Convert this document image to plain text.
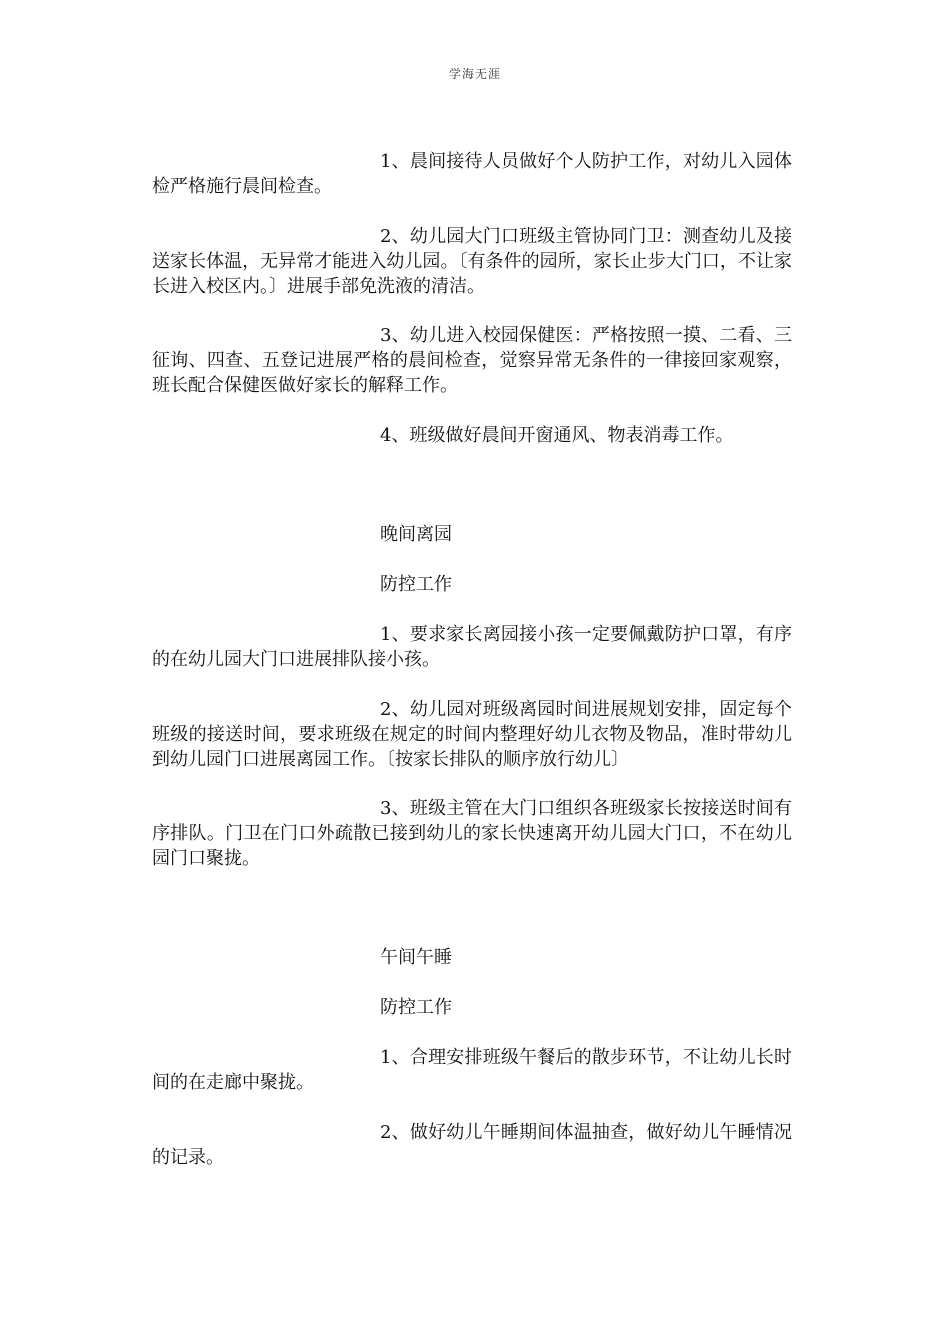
学海无涯

1、晨间接待人员做好个人防护工作，对幼儿入园体检严格施行晨间检查。

2、幼儿园大门口班级主管协同门卫：测查幼儿及接送家长体温，无异常才能进入幼儿园。〔有条件的园所，家长止步大门口，不让家长进入校区内。〕进展手部免洗液的清洁。

3、幼儿进入校园保健医：严格按照一摸、二看、三征询、四查、五登记进展严格的晨间检查，觉察异常无条件的一律接回家观察，班长配合保健医做好家长的解释工作。

4、班级做好晨间开窗通风、物表消毒工作。

晚间离园

防控工作

1、要求家长离园接小孩一定要佩戴防护口罩，有序的在幼儿园大门口进展排队接小孩。

2、幼儿园对班级离园时间进展规划安排，固定每个班级的接送时间，要求班级在规定的时间内整理好幼儿衣物及物品，准时带幼儿到幼儿园门口进展离园工作。〔按家长排队的顺序放行幼儿〕

3、班级主管在大门口组织各班级家长按接送时间有序排队。门卫在门口外疏散已接到幼儿的家长快速离开幼儿园大门口，不在幼儿园门口聚拢。

午间午睡

防控工作

1、合理安排班级午餐后的散步环节，不让幼儿长时间的在走廊中聚拢。

2、做好幼儿午睡期间体温抽查，做好幼儿午睡情况的记录。
